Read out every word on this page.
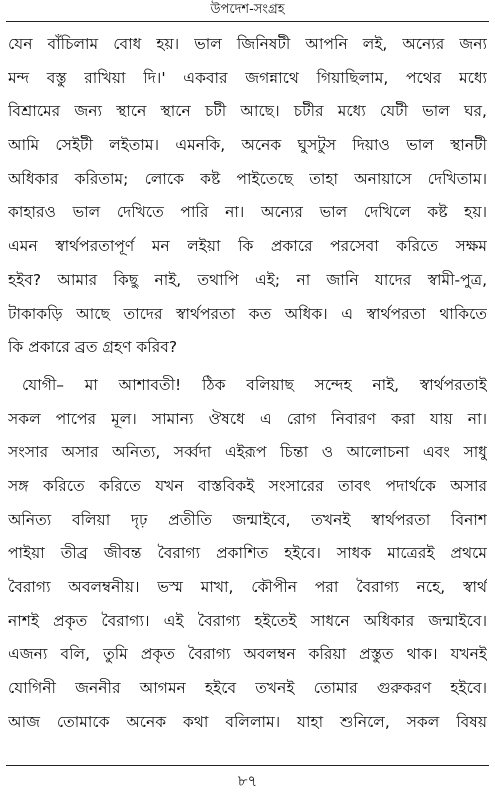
উপদেশ-সংগ্রহ
যেন বাঁচিলাম বোধ হয়। ভাল জিনিষটী আপনি লই, অন্যের জন্য
মন্দ বস্তু রাখিয়া দি।' একবার জগন্নাথে গিয়াছিলাম, পথের মধ্যে
বিশ্রামের জন্য স্থানে স্থানে চটী আছে। চটীর মধ্যে যেটী ভাল ঘর,
আমি সেইটী লইতাম। এমনকি, অনেক ঘুসটুস দিয়াও ভাল স্থানটী
অধিকার করিতাম; লোকে কষ্ট পাইতেছে তাহা অনায়াসে দেখিতাম।
কাহারও ভাল দেখিতে পারি না। অন্যের ভাল দেখিলে কষ্ট হয়।
এমন স্বার্থপরতাপূর্ণ মন লইয়া কি প্রকারে পরসেবা করিতে সক্ষম
হইব? আমার কিছু নাই, তথাপি এই; না জানি যাদের স্বামী-পুত্র,
টাকাকড়ি আছে তাদের স্বার্থপরতা কত অধিক। এ স্বার্থপরতা থাকিতে
কি প্রকারে ব্রত গ্রহণ করিব?
যোগী– মা আশাবতী! ঠিক বলিয়াছ সন্দেহ নাই, স্বার্থপরতাই
সকল পাপের মূল। সামান্য ঔষধে এ রোগ নিবারণ করা যায় না।
সংসার অসার অনিত্য, সর্ব্বদা এইরূপ চিন্তা ও আলোচনা এবং সাধু
সঙ্গ করিতে করিতে যখন বাস্তবিকই সংসারের তাবৎ পদার্থকে অসার
অনিত্য বলিয়া দৃঢ় প্রতীতি জন্মাইবে, তখনই স্বার্থপরতা বিনাশ
পাইয়া তীব্র জীবন্ত বৈরাগ্য প্রকাশিত হইবে। সাধক মাত্রেরই প্রথমে
বৈরাগ্য অবলম্বনীয়। ভস্ম মাখা, কৌপীন পরা বৈরাগ্য নহে, স্বার্থ
নাশই প্রকৃত বৈরাগ্য। এই বৈরাগ্য হইতেই সাধনে অধিকার জন্মাইবে।
এজন্য বলি, তুমি প্রকৃত বৈরাগ্য অবলম্বন করিয়া প্রস্তুত থাক। যখনই
যোগিনী জননীর আগমন হইবে তখনই তোমার গুরুকরণ হইবে।
আজ তোমাকে অনেক কথা বলিলাম। যাহা শুনিলে, সকল বিষয়
৮৭
